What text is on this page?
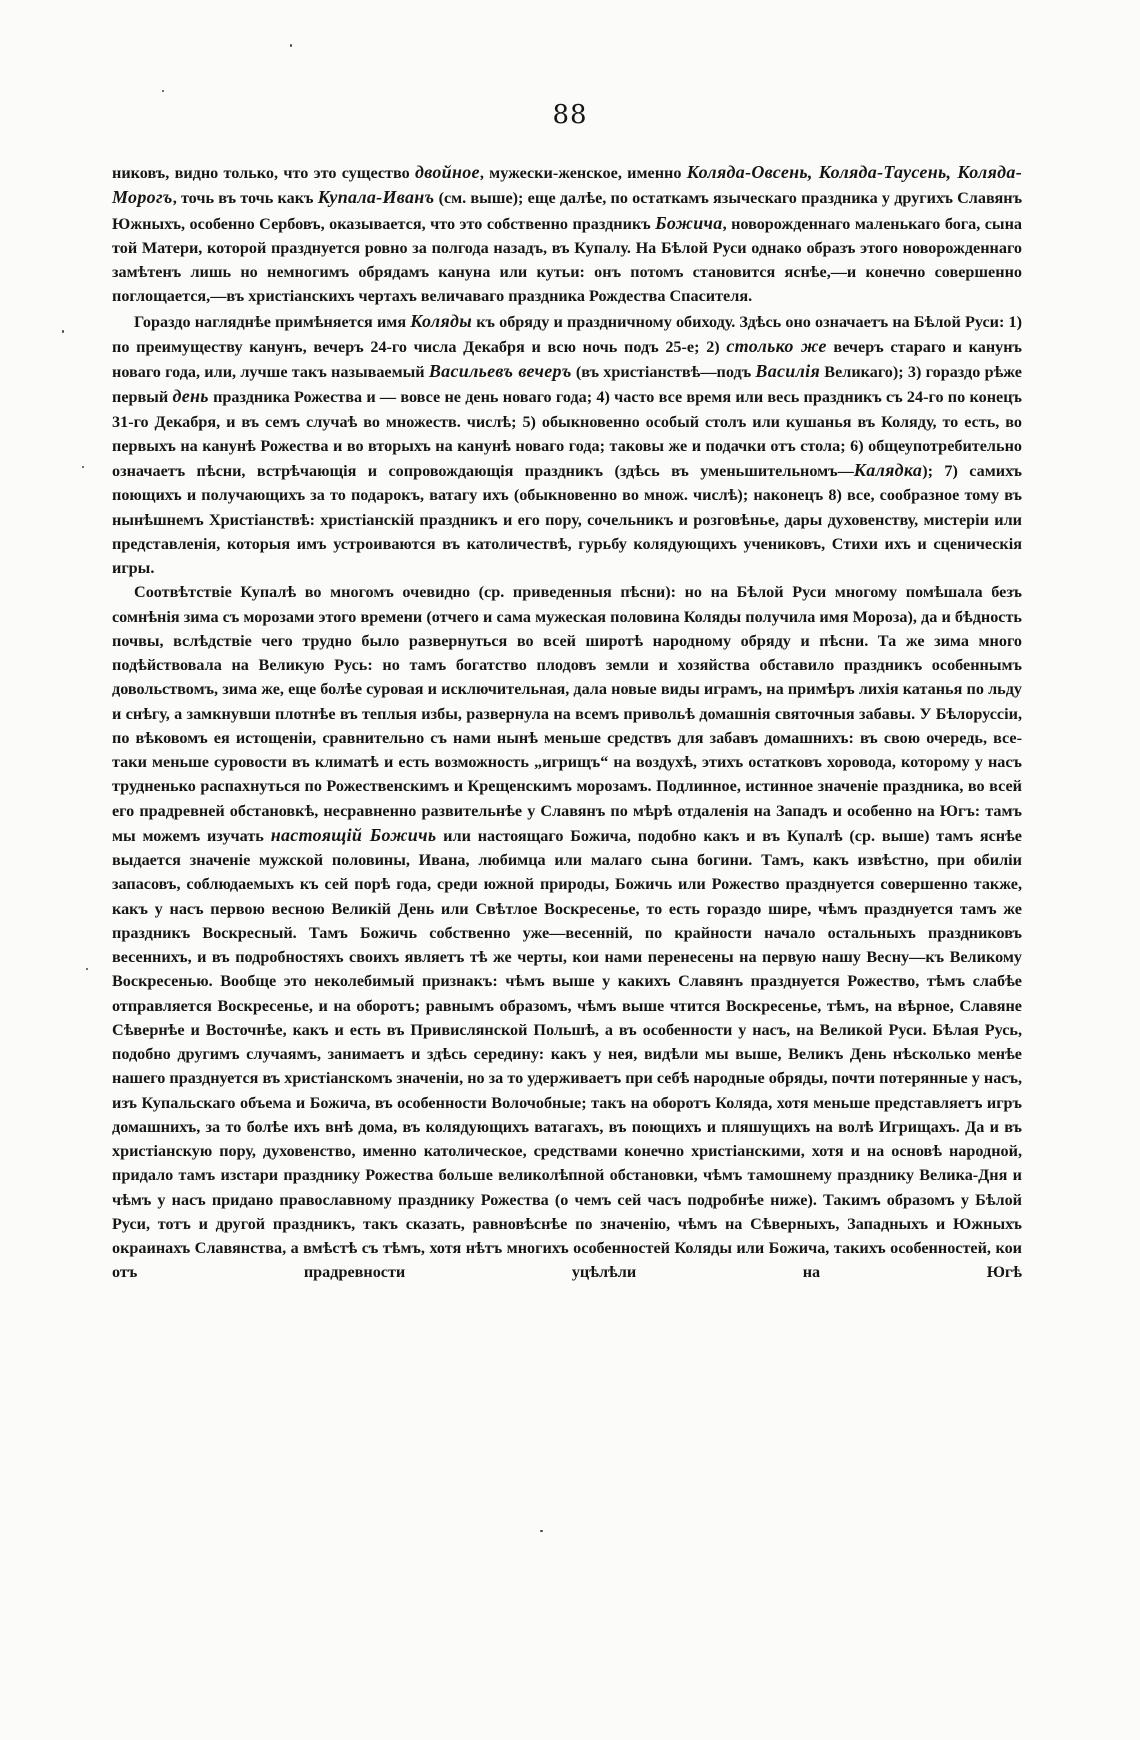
88

никовъ, видно только, что это существо двойное, мужески-женское, именно Коляда-Овсень, Коляда-Таусень, Коляда-Морогъ, точь въ точь какъ Купала-Иванъ (см. выше); еще далѣе, по остаткамъ языческаго праздника у другихъ Славянъ Южныхъ, особенно Сербовъ, оказывается, что это собственно праздникъ Божича, новорожденнаго маленькаго бога, сына той Матери, которой празднуется ровно за полгода назадъ, въ Купалу. На Бѣлой Руси однако образъ этого новорожденнаго замѣтенъ лишь но немногимъ обрядамъ кануна или кутьи: онъ потомъ становится яснѣе,—и конечно совершенно поглощается,—въ христіанскихъ чертахъ величаваго праздника Рождества Спасителя.

Гораздо нагляднѣе примѣняется имя Коляды къ обряду и праздничному обиходу. Здѣсь оно означаетъ на Бѣлой Руси: 1) по преимуществу канунъ, вечеръ 24-го числа Декабря и всю ночь подъ 25-е; 2) столько же вечеръ стараго и канунъ новаго года, или, лучше такъ называемый Васильевъ вечеръ (въ христіанствѣ—подъ Василія Великаго); 3) гораздо рѣже первый день праздника Рожества и — вовсе не день новаго года; 4) часто все время или весь праздникъ съ 24-го по конецъ 31-го Декабря, и въ семъ случаѣ во множеств. числѣ; 5) обыкновенно особый столъ или кушанья въ Коляду, то есть, во первыхъ на канунѣ Рожества и во вторыхъ на канунѣ новаго года; таковы же и подачки отъ стола; 6) общеупотребительно означаетъ пѣсни, встрѣчающія и сопровождающія праздникъ (здѣсь въ уменьшительномъ—Калядка); 7) самихъ поющихъ и получающихъ за то подарокъ, ватагу ихъ (обыкновенно во множ. числѣ); наконецъ 8) все, сообразное тому въ нынѣшнемъ Христіанствѣ: христіанскій праздникъ и его пору, сочельникъ и розговѣнье, дары духовенству, мистеріи или представленія, которыя имъ устроиваются въ католичествѣ, гурьбу колядующихъ учениковъ, Стихи ихъ и сценическія игры.

Соотвѣтствіе Купалѣ во многомъ очевидно (ср. приведенныя пѣсни): но на Бѣлой Руси многому помѣшала безъ сомнѣнія зима съ морозами этого времени (отчего и сама мужеская половина Коляды получила имя Мороза), да и бѣдность почвы, вслѣдствіе чего трудно было развернуться во всей широтѣ народному обряду и пѣсни. Та же зима много подѣйствовала на Великую Русь: но тамъ богатство плодовъ земли и хозяйства обставило праздникъ особеннымъ довольствомъ, зима же, еще болѣе суровая и исключительная, дала новые виды играмъ, на примѣръ лихія катанья по льду и снѣгу, а замкнувши плотнѣе въ теплыя избы, развернула на всемъ привольѣ домашнія святочныя забавы. У Бѣлоруссіи, по вѣковомъ ея истощеніи, сравнительно съ нами нынѣ меньше средствъ для забавъ домашнихъ: въ свою очередь, все-таки меньше суровости въ климатѣ и есть возможность „игрищъ“ на воздухѣ, этихъ остатковъ хоровода, которому у насъ трудненько распахнуться по Рожественскимъ и Крещенскимъ морозамъ. Подлинное, истинное значеніе праздника, во всей его прадревней обстановкѣ, несравненно развительнѣе у Славянъ по мѣрѣ отдаленія на Западъ и особенно на Югъ: тамъ мы можемъ изучать настоящій Божичь или настоящаго Божича, подобно какъ и въ Купалѣ (ср. выше) тамъ яснѣе выдается значеніе мужской половины, Ивана, любимца или малаго сына богини. Тамъ, какъ извѣстно, при обиліи запасовъ, соблюдаемыхъ къ сей порѣ года, среди южной природы, Божичь или Рожество празднуется совершенно также, какъ у насъ первою весною Великій День или Свѣтлое Воскресенье, то есть гораздо шире, чѣмъ празднуется тамъ же праздникъ Воскресный. Тамъ Божичь собственно уже—весенній, по крайности начало остальныхъ праздниковъ весеннихъ, и въ подробностяхъ своихъ являетъ тѣ же черты, кои нами перенесены на первую нашу Весну—къ Великому Воскресенью. Вообще это неколебимый признакъ: чѣмъ выше у какихъ Славянъ празднуется Рожество, тѣмъ слабѣе отправляется Воскресенье, и на оборотъ; равнымъ образомъ, чѣмъ выше чтится Воскресенье, тѣмъ, на вѣрное, Славяне Сѣвернѣе и Восточнѣе, какъ и есть въ Привислянской Польшѣ, а въ особенности у насъ, на Великой Руси. Бѣлая Русь, подобно другимъ случаямъ, занимаетъ и здѣсь середину: какъ у нея, видѣли мы выше, Великъ День нѣсколько менѣе нашего празднуется въ христіанскомъ значеніи, но за то удерживаетъ при себѣ народные обряды, почти потерянные у насъ, изъ Купальскаго объема и Божича, въ особенности Волочобные; такъ на оборотъ Коляда, хотя меньше представляетъ игръ домашнихъ, за то болѣе ихъ внѣ дома, въ колядующихъ ватагахъ, въ поющихъ и пляшущихъ на волѣ Игрищахъ. Да и въ христіанскую пору, духовенство, именно католическое, средствами конечно христіанскими, хотя и на основѣ народной, придало тамъ изстари празднику Рожества больше великолѣпной обстановки, чѣмъ тамошнему празднику Велика-Дня и чѣмъ у насъ придано православному празднику Рожества (о чемъ сей часъ подробнѣе ниже). Такимъ образомъ у Бѣлой Руси, тотъ и другой праздникъ, такъ сказать, равновѣснѣе по значенію, чѣмъ на Сѣверныхъ, Западныхъ и Южныхъ окраинахъ Славянства, а вмѣстѣ съ тѣмъ, хотя нѣтъ многихъ особенностей Коляды или Божича, такихъ особенностей, кои отъ прадревности уцѣлѣли на Югѣ
